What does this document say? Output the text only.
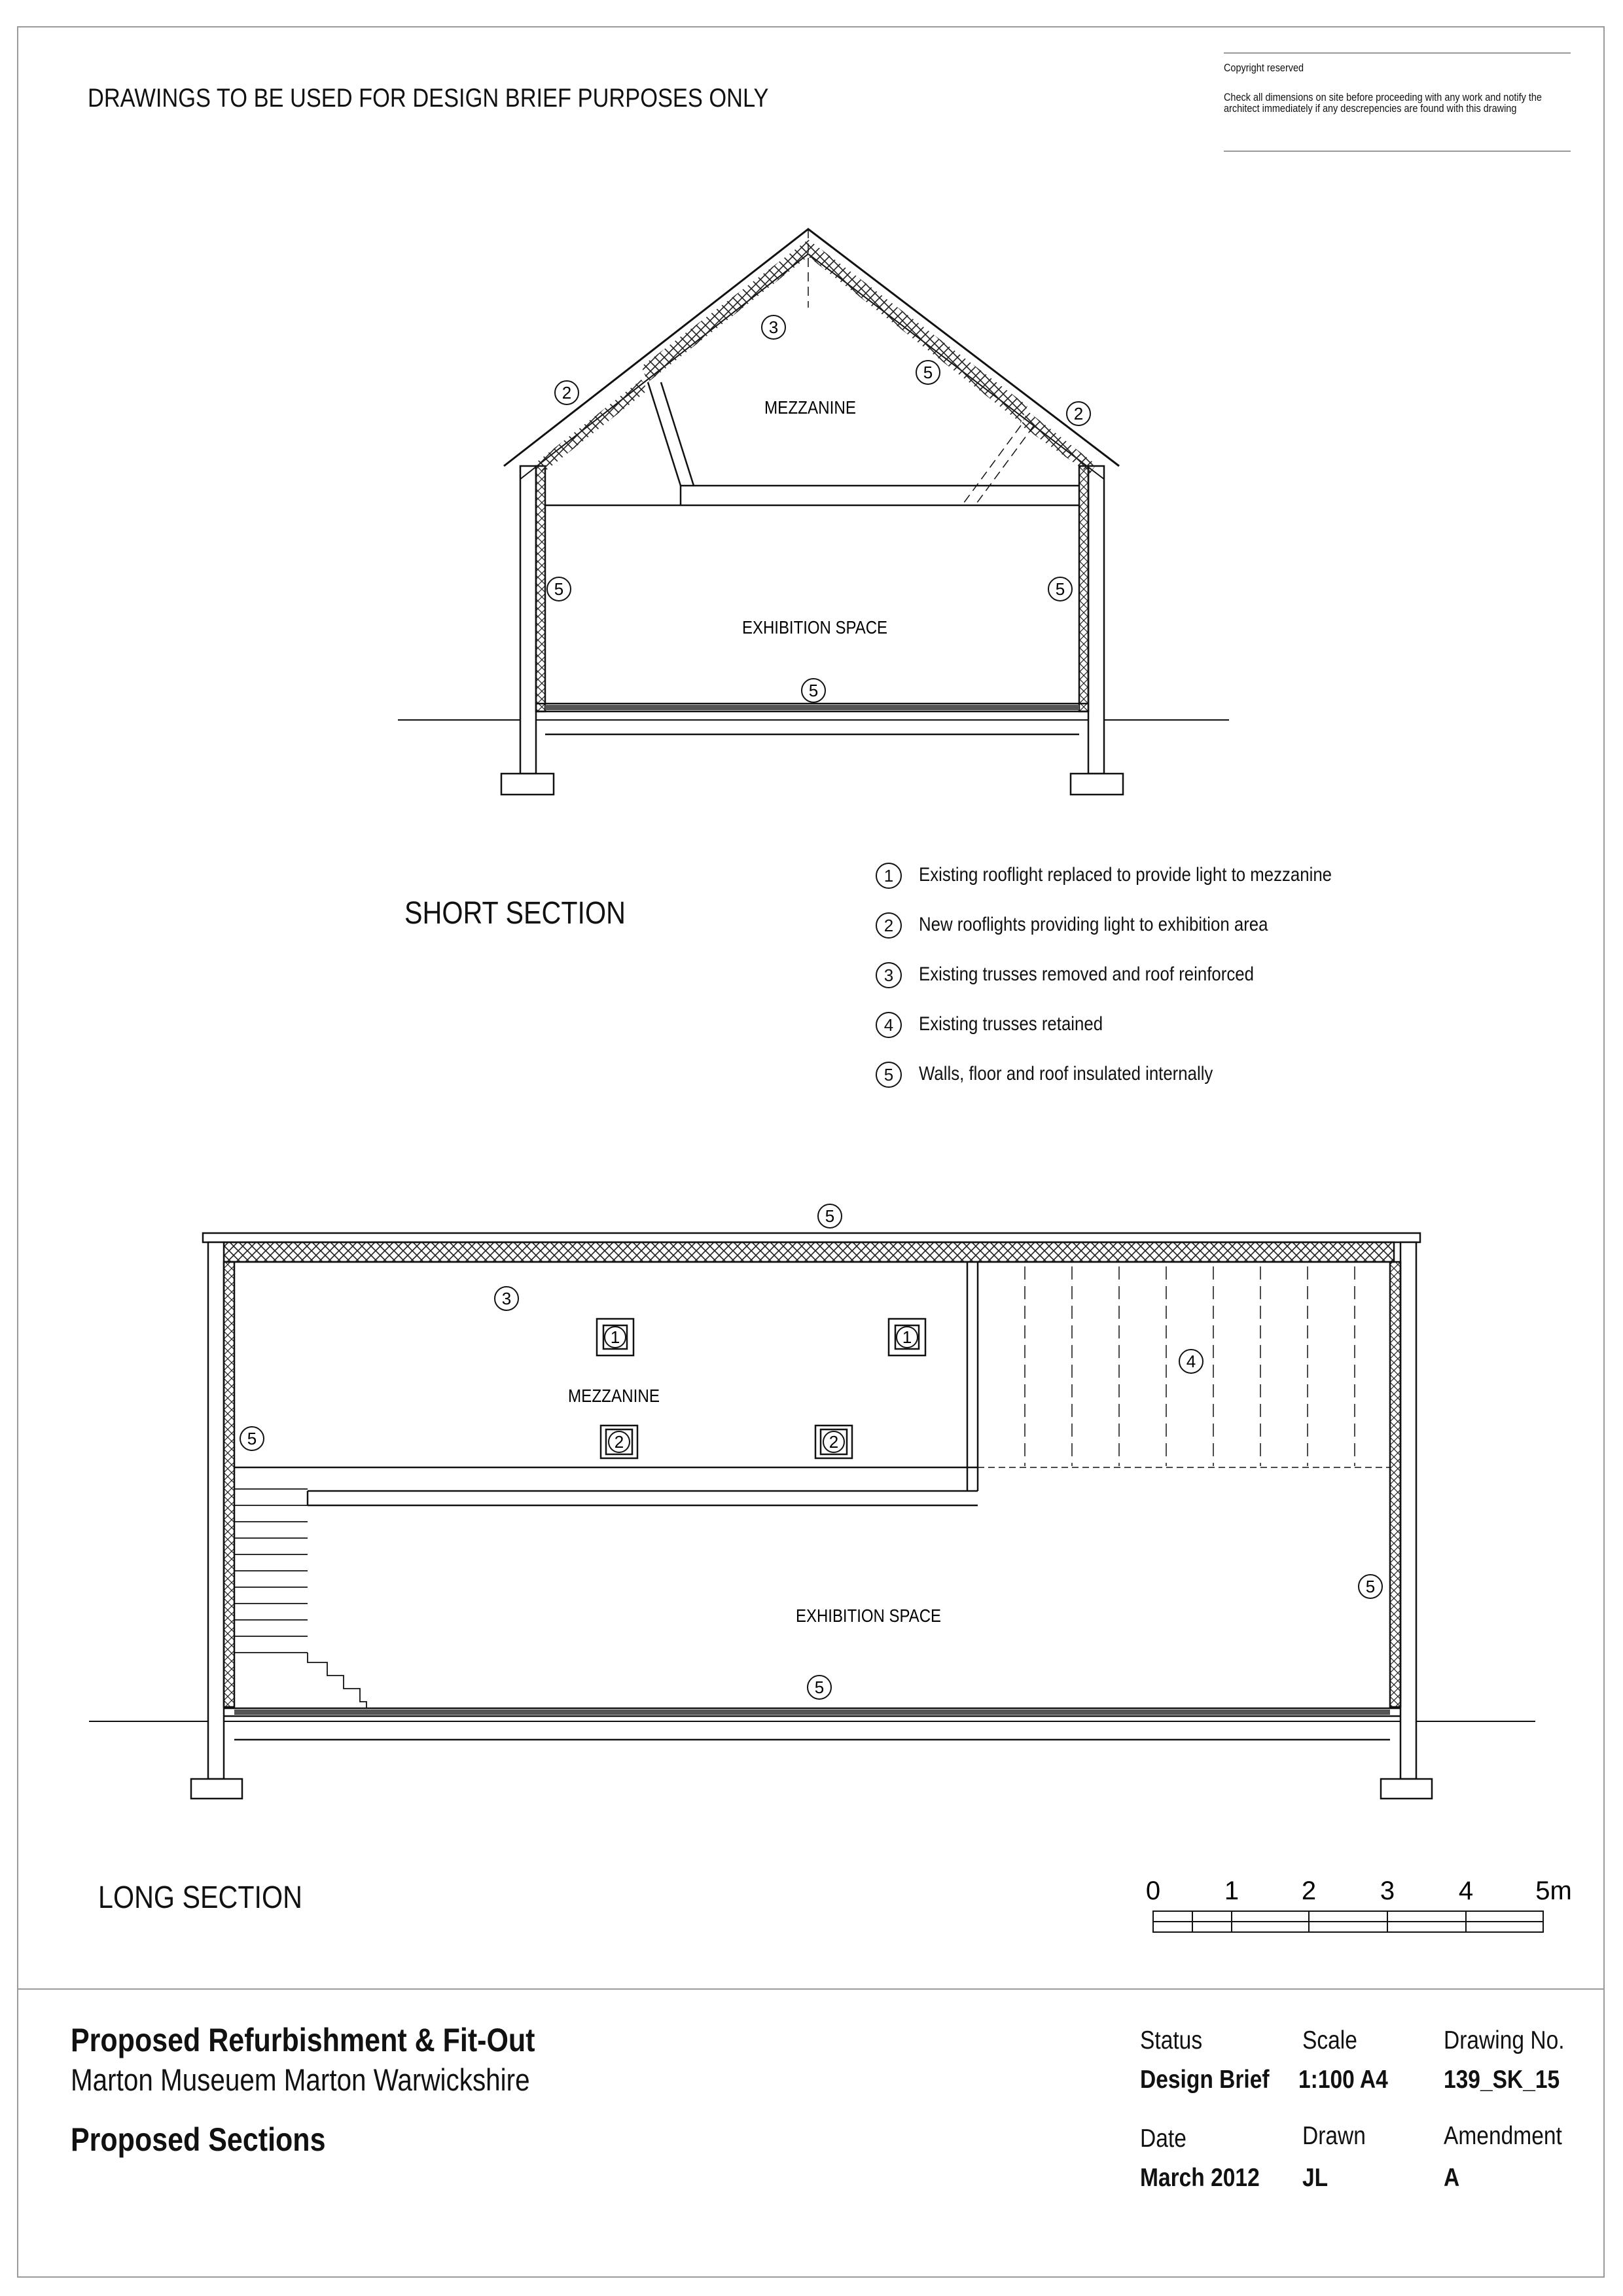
DRAWINGS TO BE USED FOR DESIGN BRIEF PURPOSES ONLY
Copyright reserved
Check all dimensions on site before proceeding with any work and notify the architect immediately if any descrepencies are found with this drawing
MEZZANINE
EXHIBITION SPACE
3
2
5
2
5	5
5
MEZZANINE
EXHIBITION SPACE
5
3
1	1
4
5	2	2
5
5
0 1 2 3 4 5m
SHORT SECTION
LONG SECTION
1	Existing rooflight replaced to provide light to mezzanine
2	New rooflights providing light to exhibition area
3	Existing trusses removed and roof reinforced
4	Existing trusses retained
5	Walls, floor and roof insulated internally
Proposed Refurbishment & Fit-Out
Marton Museuem Marton Warwickshire
Proposed Sections
Status
Design Brief
Scale
1:100 A4
Drawing No.
139_SK_15
Date
March 2012
Drawn
JL
Amendment
A
